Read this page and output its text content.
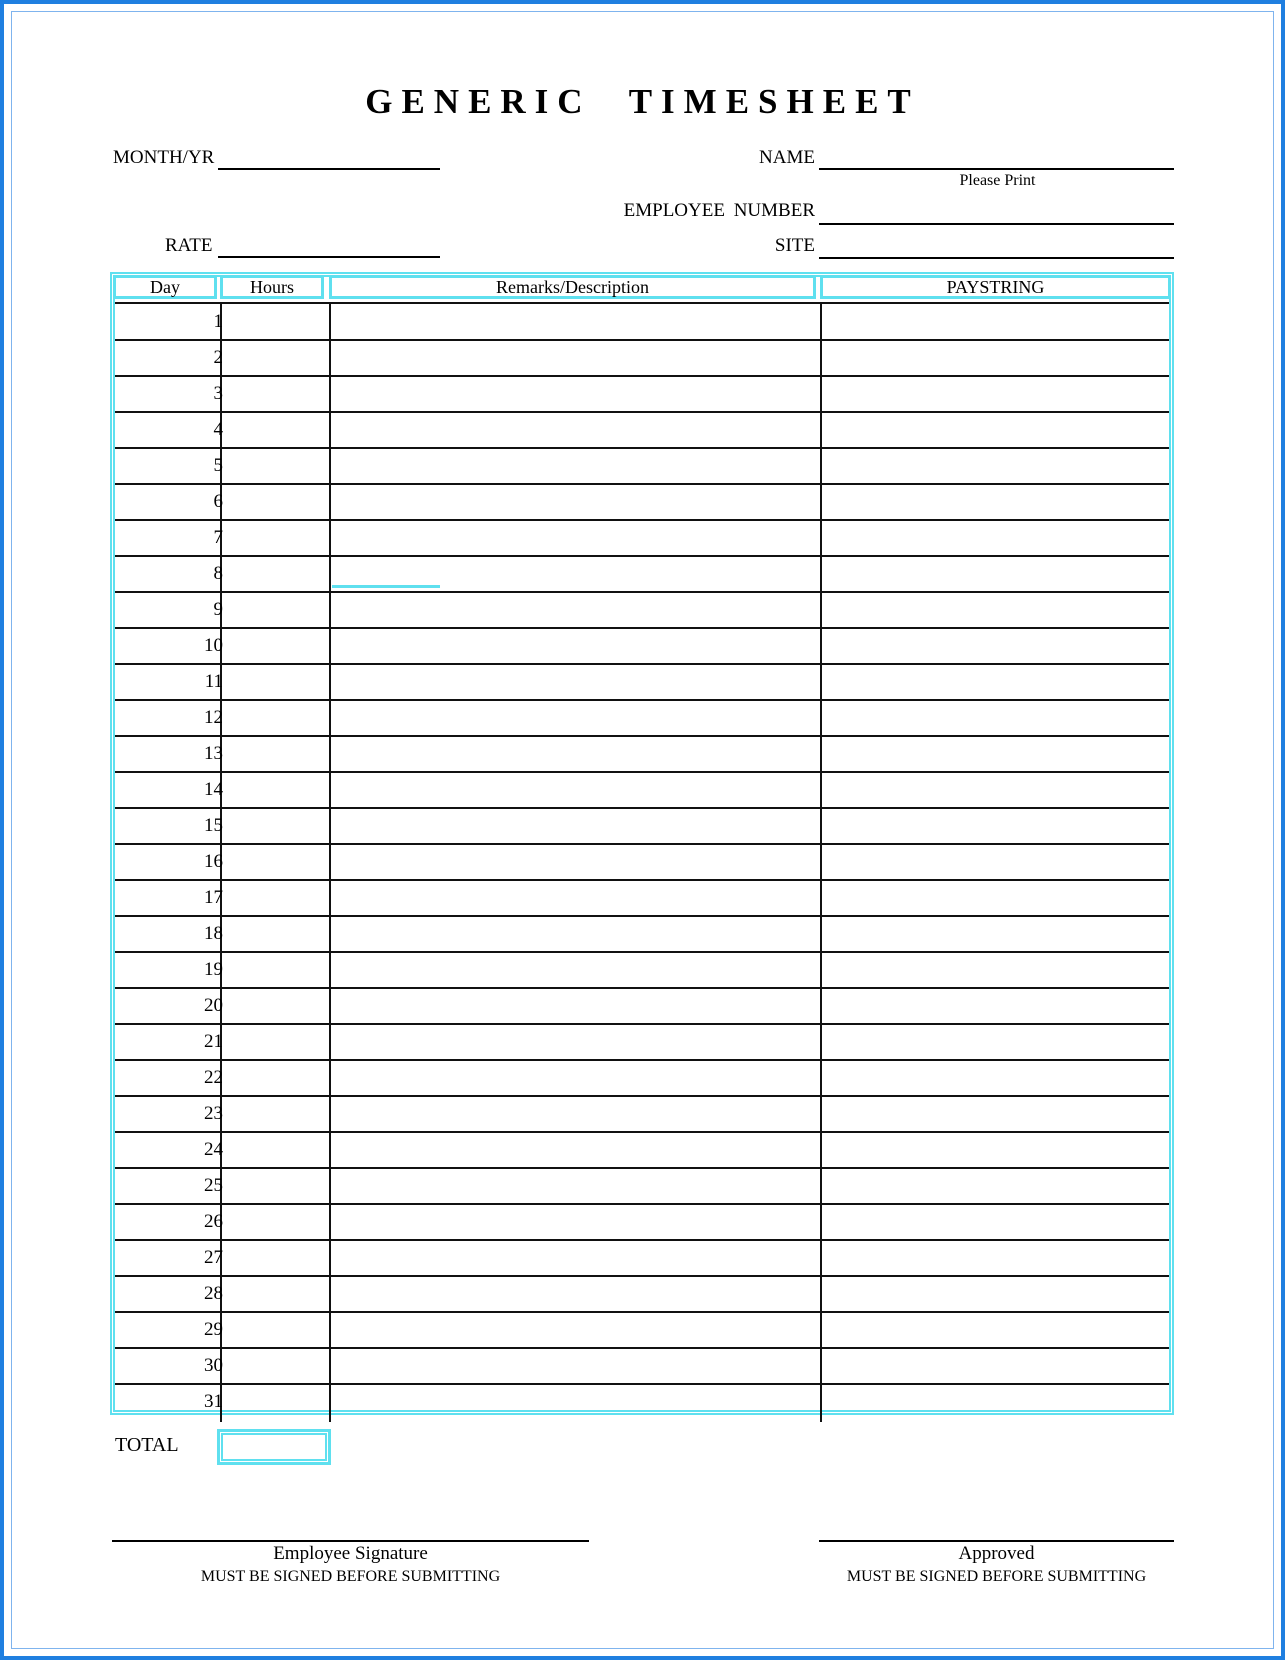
GENERIC TIMESHEET
MONTH/YR
RATE
NAME
Please Print
EMPLOYEE NUMBER
SITE
Day	Hours	Remarks/Description	PAYSTRING
1
2
3
4
5
6
7
8
9
10
11
12
13
14
15
16
17
18
19
20
21
22
23
24
25
26
27
28
29
30
31
TOTAL
Employee Signature
MUST BE SIGNED BEFORE SUBMITTING
Approved
MUST BE SIGNED BEFORE SUBMITTING
